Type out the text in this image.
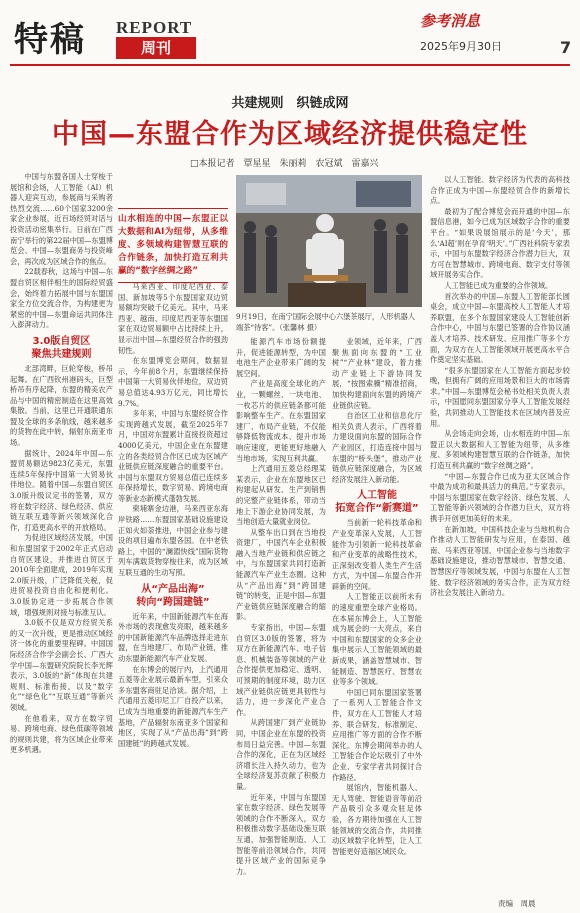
特稿 REPORT
周刊
参考消息
2025年9月30日	7
共建规则　织链成网
中国—东盟合作为区域经济提供稳定性
□本报记者　覃星星　朱丽莉　农冠斌　雷嘉兴

中国与东盟各国人士穿梭于展馆和会场，人工智能（AI）机器人迎宾互动，参展商与采购者热烈交流……60个国家3200余家企业参展，近百场经贸对话与投资活动密集举行。日前在广西南宁举行的第22届中国—东盟博览会、中国—东盟商务与投资峰会，再次成为区域合作的焦点。

22载春秋，这场与中国—东盟自贸区相伴相生的国际经贸盛会，始终着力拓展中国与东盟国家全方位交流合作，为构建更为紧密的中国—东盟命运共同体注入澎湃动力。

3.0版自贸区
聚焦共建规则

北部湾畔，巨轮穿梭，桥吊起舞。在广西钦州港码头，巨型桥吊有序起降，东盟的精美农产品与中国的精密制造在这里高效集散。当前，这里已开通联通东盟及全球的多条航线，越来越多的货物在此中转，辐射东南亚市场。

据统计，2024年中国—东盟贸易额达9823亿美元，东盟连续5年保持中国第一大贸易伙伴地位。随着中国—东盟自贸区3.0版升级议定书的签署，双方将在数字经济、绿色经济、供应链互联互通等新兴领域深化合作，打造更高水平的开放格局。

为促进区域经济发展，中国和东盟国家于2002年正式启动自贸区建设，并推进自贸区于2010年全面建成，2019年实现2.0版升级，广泛降低关税，促进贸易投资自由化和便利化。3.0版协定进一步拓展合作领域，增强规则对接与标准互认。

3.0版不仅是双方经贸关系的又一次升级，更是推动区域经济一体化的重要里程碑。中国国际经济合作学会副会长、广西大学中国—东盟研究院院长李光辉表示，3.0版的“新”体现在共建规则、标准衔接，以及“数字化”“绿色化”“互联互通”等新兴领域。

在他看来，双方在数字贸易、跨境电商、绿色低碳等领域的规则共建，将为区域企业带来更多机遇。

山水相连的中国—东盟正以大数据和AI为纽带，从多维度、多领域构建智慧互联的合作链条，加快打造互利共赢的“数字丝绸之路”

马来西亚、印度尼西亚、泰国、新加坡等5个东盟国家双边贸易额均突破千亿美元。其中，马来西亚、越南、印度尼西亚等东盟国家在双边贸易额中占比持续上升，显示出中国—东盟经贸合作的强劲韧性。

在东盟博览会期间，数据显示，今年前8个月，东盟继续保持中国第一大贸易伙伴地位，双边贸易总值达4.93万亿元，同比增长9.7%。

多年来，中国与东盟经贸合作实现跨越式发展，截至2025年7月，中国对东盟累计直接投资超过4000亿美元，中国企业在东盟建立的各类经贸合作区已成为区域产业链供应链深度融合的重要平台。中国与东盟双方贸易总值已连续多年保持增长，数字贸易、跨境电商等新业态新模式蓬勃发展。

柬埔寨金边港，马来西亚东海岸铁路……东盟国家基础设施建设正如火如荼推进，中国企业参与建设的项目遍布东盟各国。在中老铁路上，中国的“澜湄快线”国际货物列车满载货物穿梭往来，成为区域互联互通的生动写照。

从“产品出海”
转向“跨国建链”

近年来，中国新能源汽车在海外市场的表现愈发亮眼，越来越多的中国新能源汽车品牌选择走进东盟，在当地建厂、布局产业链，推动东盟新能源汽车产业发展。

在东博会的展厅内，上汽通用五菱等企业展示最新车型，引来众多东盟客商驻足洽谈。据介绍，上汽通用五菱印尼工厂自投产以来，已成为当地重要的新能源汽车生产基地，产品辐射东南亚多个国家和地区，实现了从“产品出海”到“跨国建链”的跨越式发展。

9月19日，在南宁国际会展中心六堡茶展厅，人形机器人端茶“待客”。（张馨林 摄）

能源汽车市场份额提升，促进能源转型，为中国电池生产企业带来广阔的发展空间。

产业是高度全球化的产业，一颗螺丝、一块电池、一枚芯片的供应链条都可能影响整车生产。在东盟国家建厂、布局产业链，不仅能够降低物流成本、提升市场响应速度，更能更好地融入当地市场，实现互利共赢。

上汽通用五菱总经理某某表示，企业在东盟地区已构建起从研发、生产到销售的完整产业链体系，带动当地上下游企业协同发展，为当地创造大量就业岗位。

从整车出口到在当地投资建厂，中国汽车企业积极融入当地产业链和供应链之中，与东盟国家共同打造新能源汽车产业生态圈。这种从“产品出海”到“跨国建链”的转变，正是中国—东盟产业链供应链深度融合的缩影。

专家指出，中国—东盟自贸区3.0版的签署，将为双方在新能源汽车、电子信息、机械装备等领域的产业合作提供更加稳定、透明、可预期的制度环境，助力区域产业链供应链更具韧性与活力，进一步深化产业合作。

从跨国建厂到产业链协同，中国企业在东盟的投资布局日益完善。中国—东盟合作的深化，正在为区域经济增长注入持久动力，也为全球经济复苏贡献了积极力量。

近年来，中国与东盟国家在数字经济、绿色发展等领域的合作不断深入，双方积极推动数字基础设施互联互通，加强智能制造、人工智能等前沿领域合作，共同提升区域产业的国际竞争力。

业领域，近年来，广西聚焦面向东盟的“工业树”“产业林”建设，着力推动产业链上下游协同发展，“按图索骥”精准招商，加快构建面向东盟的跨境产业链供应链。

自治区工业和信息化厅相关负责人表示，广西将着力建设面向东盟的国际合作产业园区，打造连接中国与东盟的“桥头堡”，推动产业链供应链深度融合，为区域经济发展注入新动能。

人工智能
拓宽合作“新赛道”

当前新一轮科技革命和产业变革深入发展，人工智能作为引领新一轮科技革命和产业变革的战略性技术，正深刻改变着人类生产生活方式，为中国—东盟合作开辟新的空间。

人工智能正以前所未有的速度重塑全球产业格局。在本届东博会上，人工智能成为展会的一大亮点，来自中国和东盟国家的众多企业集中展示人工智能领域的最新成果，涵盖智慧城市、智能制造、智慧医疗、智慧农业等多个领域。

中国已同东盟国家签署了一系列人工智能合作文件，双方在人工智能人才培养、联合研发、标准制定、应用推广等方面的合作不断深化。东博会期间举办的人工智能合作论坛吸引了中外企业、专家学者共同探讨合作路径。

展馆内，智能机器人、无人驾驶、智能语音等前沿产品吸引众多观众驻足体验，各方期待加强在人工智能领域的交流合作，共同推动区域数字化转型，让人工智能更好造福区域民众。

以人工智能、数字经济为代表的高科技合作正成为中国—东盟经贸合作的新增长点。

最初为了配合博览会而开通的中国—东盟信息港，如今已成为区域数字合作的重要平台。“如果说展馆展示的是‘今天’，那么‘AI超’则在孕育‘明天’。”广西社科院专家表示，中国与东盟数字经济合作潜力巨大，双方可在智慧城市、跨境电商、数字支付等领域开展务实合作。

人工智能已成为重要的合作领域。

首次举办的中国—东盟人工智能部长圆桌会，成立中国—东盟高校人工智能人才培养联盟，在多个东盟国家建设人工智能创新合作中心，中国与东盟已签署的合作协议涵盖人才培养、技术研发、应用推广等多个方面，为双方在人工智能领域开展更高水平合作奠定坚实基础。

“很多东盟国家在人工智能方面起步较晚，但拥有广阔的应用场景和巨大的市场需求。”中国—东盟博览会秘书处相关负责人表示，中国愿同东盟国家分享人工智能发展经验，共同推动人工智能技术在区域内普及应用。

从会场走向会场，山水相连的中国—东盟正以大数据和人工智能为纽带，从多维度、多领域构建智慧互联的合作链条，加快打造互利共赢的“数字丝绸之路”。

“中国—东盟合作已成为亚太区域合作中最为成功和最具活力的典范。”专家表示，中国与东盟国家在数字经济、绿色发展、人工智能等新兴领域的合作潜力巨大，双方将携手开创更加美好的未来。

在新加坡，中国科技企业与当地机构合作推动人工智能研发与应用，在泰国、越南、马来西亚等国，中国企业参与当地数字基础设施建设，推动智慧城市、智慧交通、智慧医疗等领域发展，中国与东盟在人工智能、数字经济领域的务实合作，正为双方经济社会发展注入新动力。

责编　周晨
